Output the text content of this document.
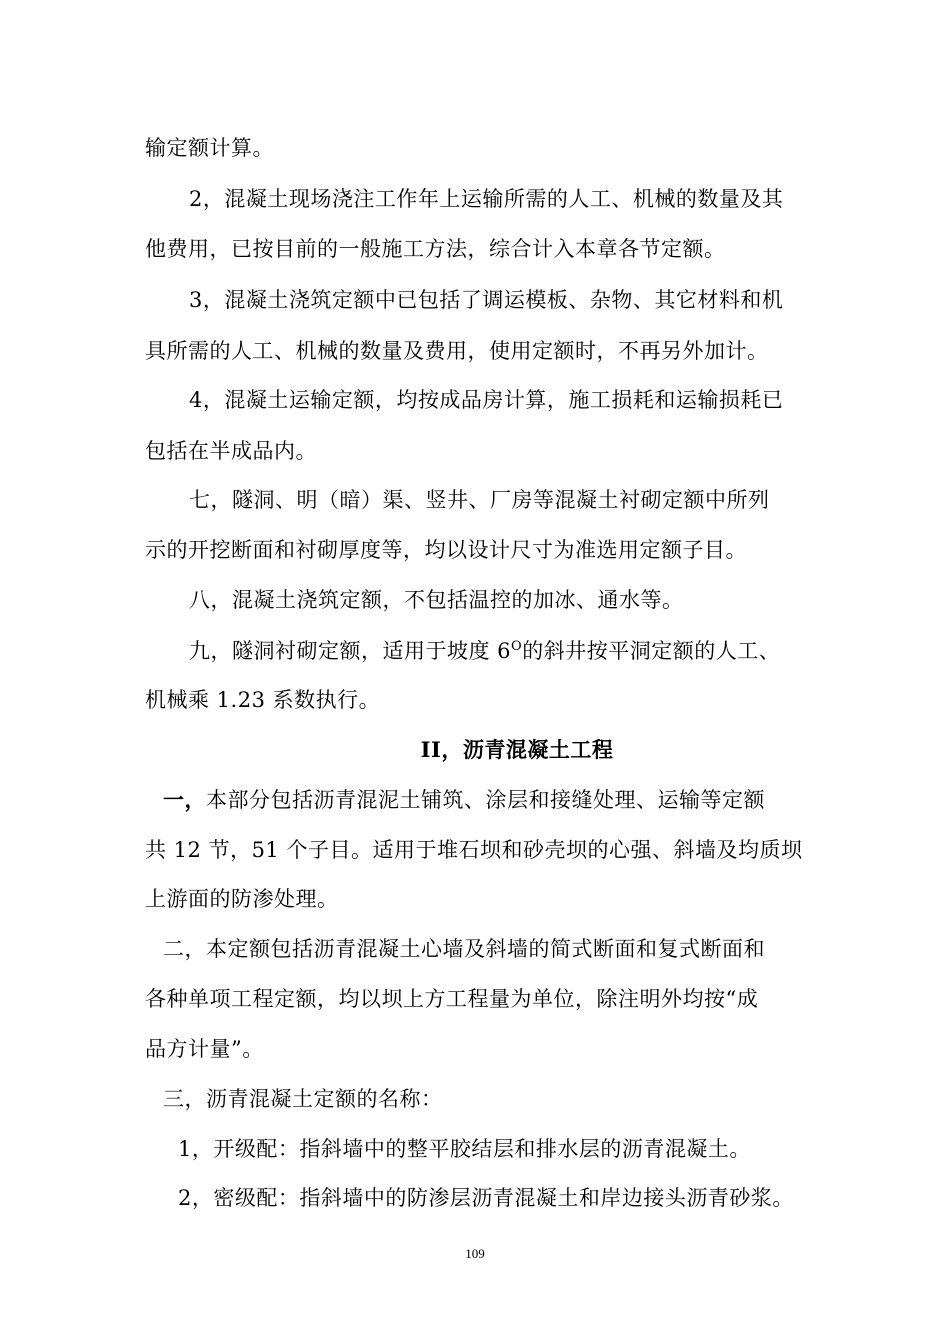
输定额计算。
2，混凝土现场浇注工作年上运输所需的人工、机械的数量及其
他费用，已按目前的一般施工方法，综合计入本章各节定额。
3，混凝土浇筑定额中已包括了调运模板、杂物、其它材料和机
具所需的人工、机械的数量及费用，使用定额时，不再另外加计。
4，混凝土运输定额，均按成品房计算，施工损耗和运输损耗已
包括在半成品内。
七，隧洞、明（暗）渠、竖井、厂房等混凝土衬砌定额中所列
示的开挖断面和衬砌厚度等，均以设计尺寸为准选用定额子目。
八，混凝土浇筑定额，不包括温控的加冰、通水等。
九，隧洞衬砌定额，适用于坡度 $6^O$的斜井按平洞定额的人工、
机械乘 1.23 系数执行。
II，沥青混凝土工程
一，本部分包括沥青混泥土铺筑、涂层和接缝处理、运输等定额
共 12 节，51 个子目。适用于堆石坝和砂壳坝的心强、斜墙及均质坝
上游面的防渗处理。
二，本定额包括沥青混凝土心墙及斜墙的简式断面和复式断面和
各种单项工程定额，均以坝上方工程量为单位，除注明外均按“成
品方计量”。
三，沥青混凝土定额的名称：
1，开级配：指斜墙中的整平胶结层和排水层的沥青混凝土。
2，密级配：指斜墙中的防渗层沥青混凝土和岸边接头沥青砂浆。
109
